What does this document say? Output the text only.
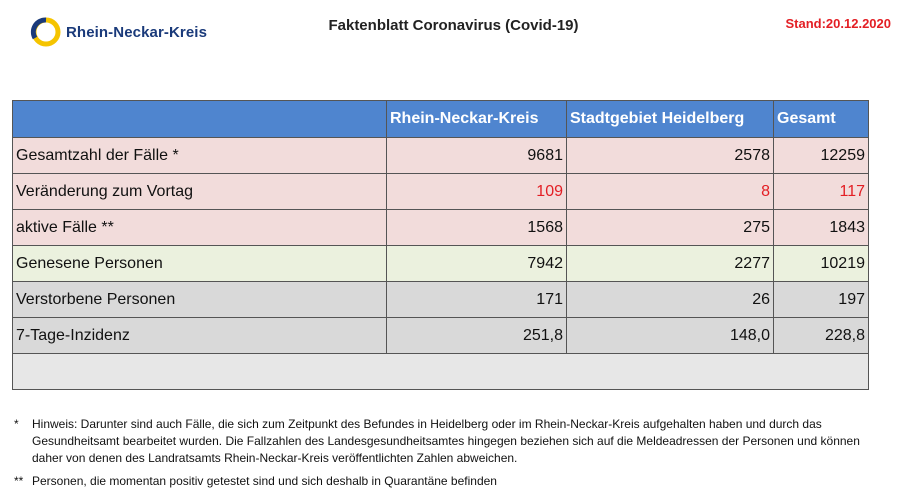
Rhein-Neckar-Kreis	Faktenblatt Coronavirus (Covid-19)	Stand:20.12.2020
	Rhein-Neckar-Kreis	Stadtgebiet Heidelberg	Gesamt
Gesamtzahl der Fälle *	9681	2578	12259
Veränderung zum Vortag	109	8	117
aktive Fälle **	1568	275	1843
Genesene Personen	7942	2277	10219
Verstorbene Personen	171	26	197
7-Tage-Inzidenz	251,8	148,0	228,8

*	Hinweis: Darunter sind auch Fälle, die sich zum Zeitpunkt des Befundes in Heidelberg oder im Rhein-Neckar-Kreis aufgehalten haben und durch das Gesundheitsamt bearbeitet wurden. Die Fallzahlen des Landesgesundheitsamtes hingegen beziehen sich auf die Meldeadressen der Personen und können daher von denen des Landratsamts Rhein-Neckar-Kreis veröffentlichten Zahlen abweichen.
** Personen, die momentan positiv getestet sind und sich deshalb in Quarantäne befinden
